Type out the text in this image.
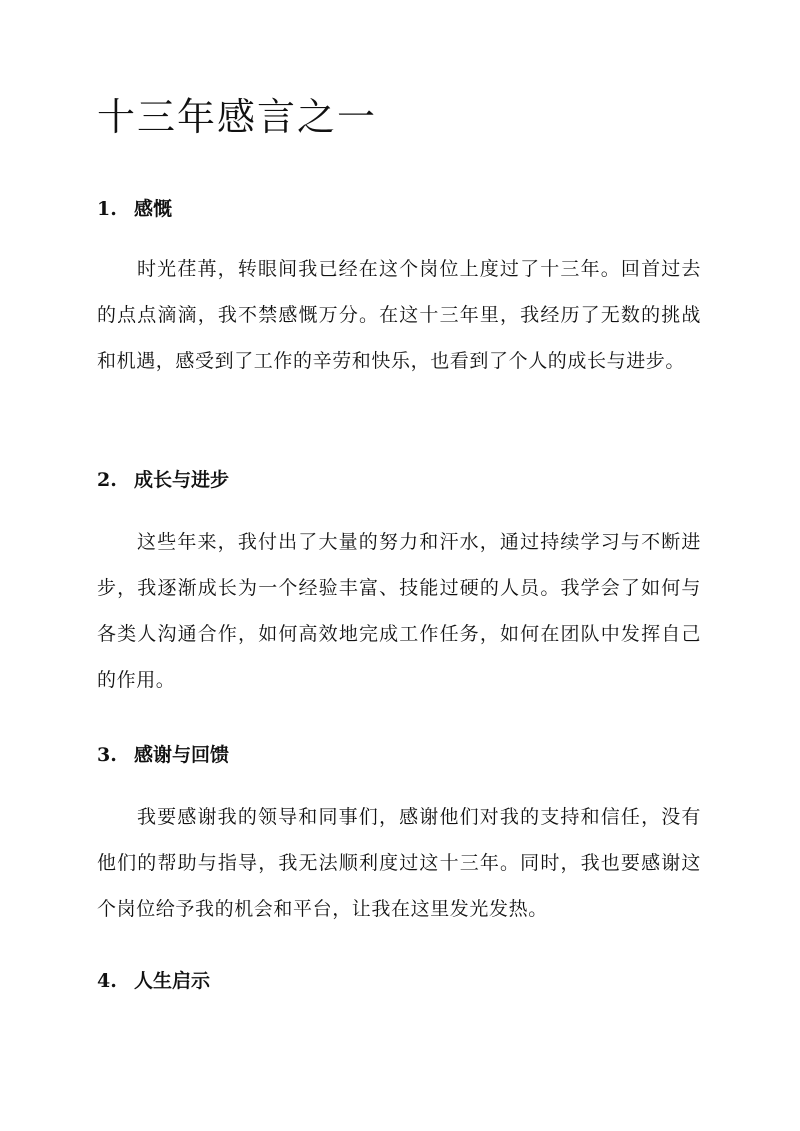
十三年感言之一
1. 感慨

时光荏苒，转眼间我已经在这个岗位上度过了十三年。回首过去的点点滴滴，我不禁感慨万分。在这十三年里，我经历了无数的挑战和机遇，感受到了工作的辛劳和快乐，也看到了个人的成长与进步。

2. 成长与进步

这些年来，我付出了大量的努力和汗水，通过持续学习与不断进步，我逐渐成长为一个经验丰富、技能过硬的人员。我学会了如何与各类人沟通合作，如何高效地完成工作任务，如何在团队中发挥自己的作用。

3. 感谢与回馈

我要感谢我的领导和同事们，感谢他们对我的支持和信任，没有他们的帮助与指导，我无法顺利度过这十三年。同时，我也要感谢这个岗位给予我的机会和平台，让我在这里发光发热。

4. 人生启示
